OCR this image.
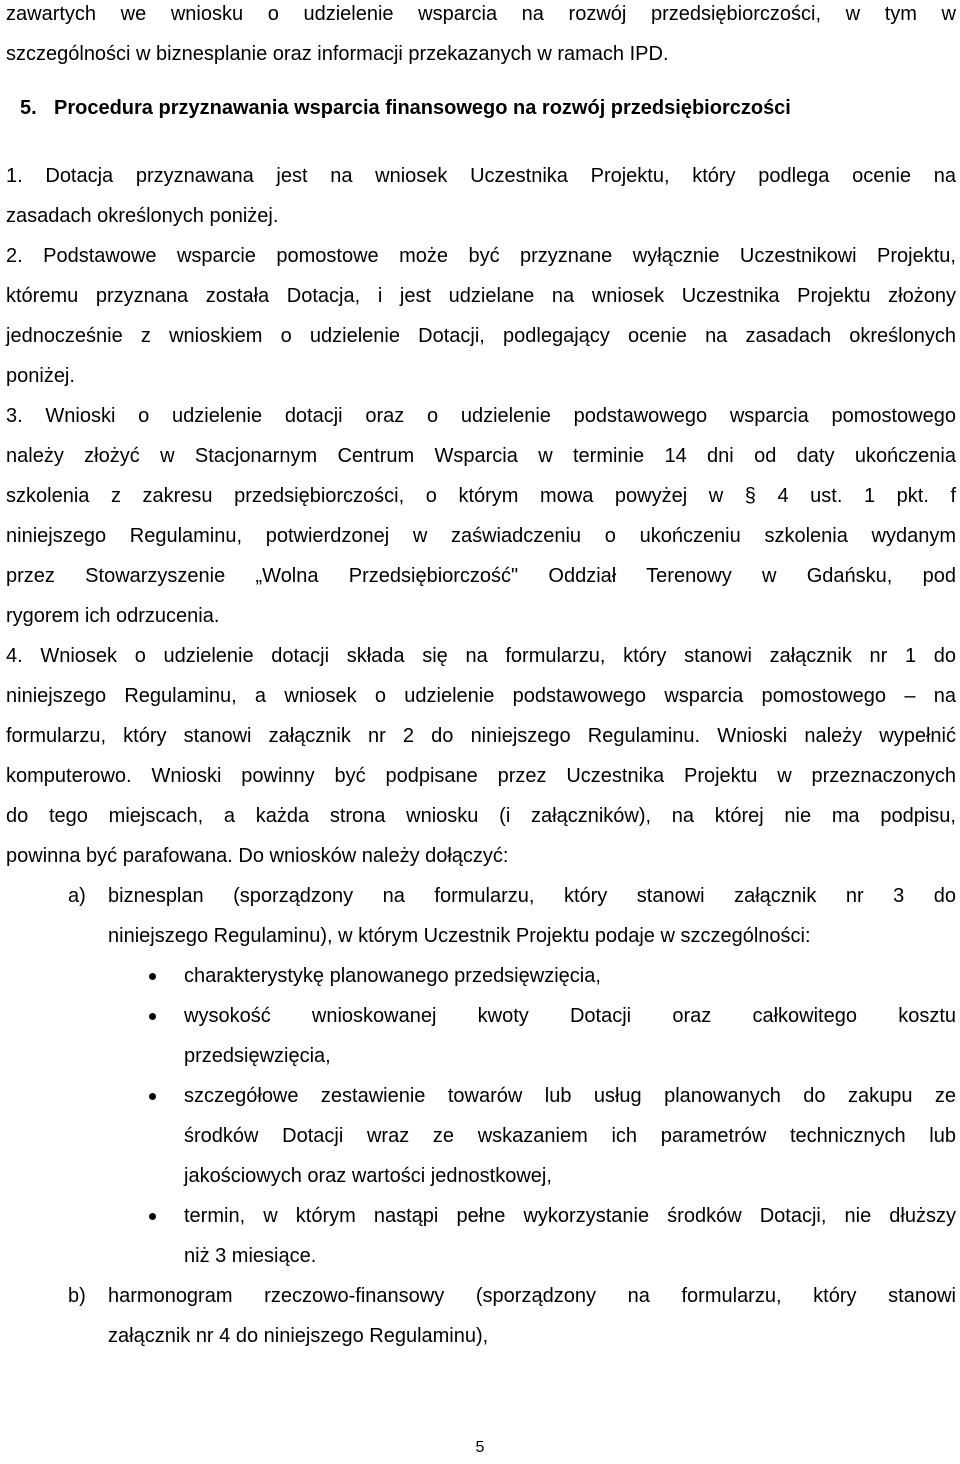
zawartych we wniosku o udzielenie wsparcia na rozwój przedsiębiorczości, w tym w
szczególności w biznesplanie oraz informacji przekazanych w ramach IPD.
5. Procedura przyznawania wsparcia finansowego na rozwój przedsiębiorczości
1. Dotacja przyznawana jest na wniosek Uczestnika Projektu, który podlega ocenie na
zasadach określonych poniżej.
2. Podstawowe wsparcie pomostowe może być przyznane wyłącznie Uczestnikowi Projektu,
któremu przyznana została Dotacja, i jest udzielane na wniosek Uczestnika Projektu złożony
jednocześnie z wnioskiem o udzielenie Dotacji, podlegający ocenie na zasadach określonych
poniżej.
3. Wnioski o udzielenie dotacji oraz o udzielenie podstawowego wsparcia pomostowego
należy złożyć w Stacjonarnym Centrum Wsparcia w terminie 14 dni od daty ukończenia
szkolenia z zakresu przedsiębiorczości, o którym mowa powyżej w § 4 ust. 1 pkt. f
niniejszego Regulaminu, potwierdzonej w zaświadczeniu o ukończeniu szkolenia wydanym
przez Stowarzyszenie „Wolna Przedsiębiorczość" Oddział Terenowy w Gdańsku, pod
rygorem ich odrzucenia.
4. Wniosek o udzielenie dotacji składa się na formularzu, który stanowi załącznik nr 1 do
niniejszego Regulaminu, a wniosek o udzielenie podstawowego wsparcia pomostowego – na
formularzu, który stanowi załącznik nr 2 do niniejszego Regulaminu. Wnioski należy wypełnić
komputerowo. Wnioski powinny być podpisane przez Uczestnika Projektu w przeznaczonych
do tego miejscach, a każda strona wniosku (i załączników), na której nie ma podpisu,
powinna być parafowana. Do wniosków należy dołączyć:
a) biznesplan (sporządzony na formularzu, który stanowi załącznik nr 3 do
niniejszego Regulaminu), w którym Uczestnik Projektu podaje w szczególności:
charakterystykę planowanego przedsięwzięcia,
wysokość wnioskowanej kwoty Dotacji oraz całkowitego kosztu
przedsięwzięcia,
szczegółowe zestawienie towarów lub usług planowanych do zakupu ze
środków Dotacji wraz ze wskazaniem ich parametrów technicznych lub
jakościowych oraz wartości jednostkowej,
termin, w którym nastąpi pełne wykorzystanie środków Dotacji, nie dłuższy
niż 3 miesiące.
b) harmonogram rzeczowo-finansowy (sporządzony na formularzu, który stanowi
załącznik nr 4 do niniejszego Regulaminu),
5
